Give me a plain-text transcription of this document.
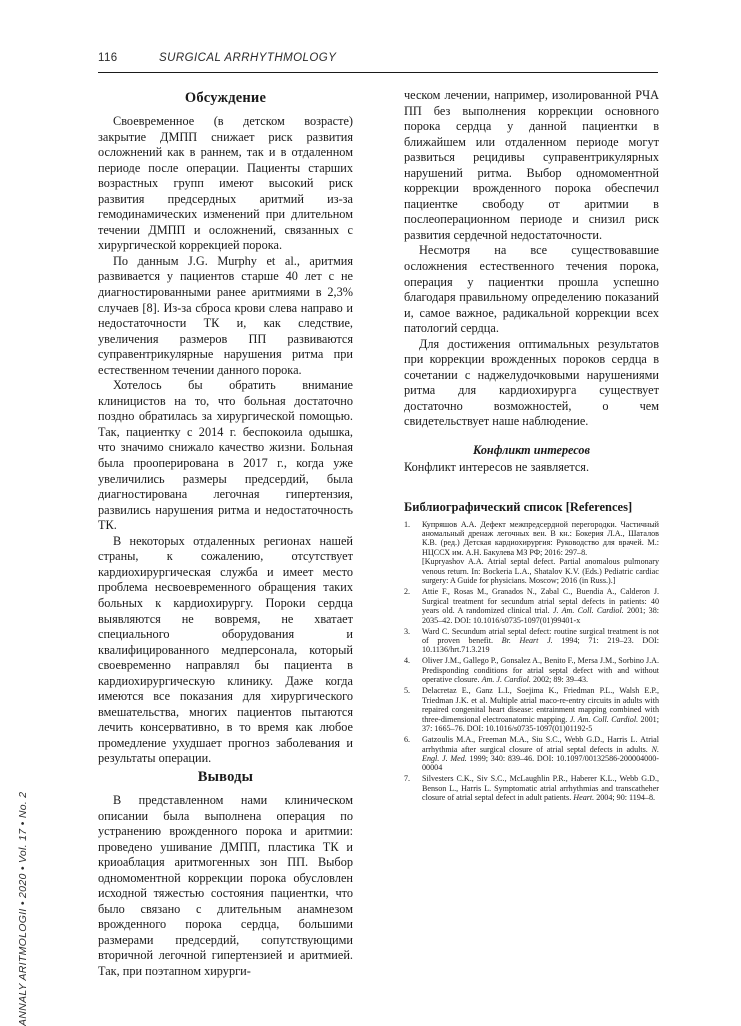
116	SURGICAL ARRHYTHMOLOGY
ANNALY ARITMOLOGII • 2020 • Vol. 17 • No. 2
Обсуждение

Своевременное (в детском возрасте) закрытие ДМПП снижает риск развития осложнений как в раннем, так и в отдаленном периоде после операции. Пациенты старших возрастных групп имеют высокий риск развития предсердных аритмий из-за гемодинамических изменений при длительном течении ДМПП и осложнений, связанных с хирургической коррекцией порока.

По данным J.G. Murphy et al., аритмия развивается у пациентов старше 40 лет с не диагностированными ранее аритмиями в 2,3% случаев [8]. Из-за сброса крови слева направо и недостаточности ТК и, как следствие, увеличения размеров ПП развиваются суправентрикулярные нарушения ритма при естественном течении данного порока.

Хотелось бы обратить внимание клиницистов на то, что больная достаточно поздно обратилась за хирургической помощью. Так, пациентку с 2014 г. беспокоила одышка, что значимо снижало качество жизни. Больная была прооперирована в 2017 г., когда уже увеличились размеры предсердий, была диагностирована легочная гипертензия, развились нарушения ритма и недостаточность ТК.

В некоторых отдаленных регионах нашей страны, к сожалению, отсутствует кардиохирургическая служба и имеет место проблема несвоевременного обращения таких больных к кардиохирургу. Пороки сердца выявляются не вовремя, не хватает специального оборудования и квалифицированного медперсонала, который своевременно направлял бы пациента в кардиохирургическую клинику. Даже когда имеются все показания для хирургического вмешательства, многих пациентов пытаются лечить консервативно, в то время как любое промедление ухудшает прогноз заболевания и результаты операции.

Выводы

В представленном нами клиническом описании была выполнена операция по устранению врожденного порока и аритмии: проведено ушивание ДМПП, пластика ТК и криоаблация аритмогенных зон ПП. Выбор одномоментной коррекции порока обусловлен исходной тяжестью состояния пациентки, что было связано с длительным анамнезом врожденного порока сердца, большими размерами предсердий, сопутствующими вторичной легочной гипертензией и аритмией. Так, при поэтапном хирурги-

ческом лечении, например, изолированной РЧА ПП без выполнения коррекции основного порока сердца у данной пациентки в ближайшем или отдаленном периоде могут развиться рецидивы суправентрикулярных нарушений ритма. Выбор одномоментной коррекции врожденного порока обеспечил пациентке свободу от аритмии в послеоперационном периоде и снизил риск развития сердечной недостаточности.

Несмотря на все существовавшие осложнения естественного течения порока, операция у пациентки прошла успешно благодаря правильному определению показаний и, самое важное, радикальной коррекции всех патологий сердца.

Для достижения оптимальных результатов при коррекции врожденных пороков сердца в сочетании с наджелудочковыми нарушениями ритма для кардиохирурга существует достаточно возможностей, о чем свидетельствует наше наблюдение.

Конфликт интересов

Конфликт интересов не заявляется.

Библиографический список [References]

Купряшов А.А. Дефект межпредсердной перегородки. Частичный аномальный дренаж легочных вен. В кн.: Бокерия Л.А., Шаталов К.В. (ред.) Детская кардиохирургия: Руководство для врачей. М.: НЦССХ им. А.Н. Бакулева МЗ РФ; 2016: 297–8.

[Kupryashov A.A. Atrial septal defect. Partial anomalous pulmonary venous return. In: Bockeria L.A., Shatalov K.V. (Eds.) Pediatric cardiac surgery: A Guide for physicians. Moscow; 2016 (in Russ.).]

Attie F., Rosas M., Granados N., Zabal C., Buendia A., Calderon J. Surgical treatment for secundum atrial septal defects in patients: 40 years old. A randomized clinical trial. J. Am. Coll. Cardiol. 2001; 38: 2035–42. DOI: 10.1016/s0735-1097(01)99401-x

Ward C. Secundum atrial septal defect: routine surgical treatment is not of proven benefit. Br. Heart J. 1994; 71: 219–23. DOI: 10.1136/hrt.71.3.219

Oliver J.M., Gallego P., Gonsalez A., Benito F., Mersa J.M., Sorbino J.A. Predisponding conditions for atrial septal defect with and without operative closure. Am. J. Cardiol. 2002; 89: 39–43.

Delacretaz E., Ganz L.I., Soejima K., Friedman P.L., Walsh E.P., Triedman J.K. et al. Multiple atrial maco-re-entry circuits in adults with repaired congenital heart disease: entrainment mapping combined with three-dimensional electroanatomic mapping. J. Am. Coll. Cardiol. 2001; 37: 1665–76. DOI: 10.1016/s0735-1097(01)01192-5

Gatzoulis M.A., Freeman M.A., Siu S.C., Webb G.D., Harris L. Atrial arrhythmia after surgical closure of atrial septal defects in adults. N. Engl. J. Med. 1999; 340: 839–46. DOI: 10.1097/00132586-200004000-00004

Silvesters C.K., Siv S.C., McLaughlin P.R., Haberer K.L., Webb G.D., Benson L., Harris L. Symptomatic atrial arrhythmias and transcatheher closure of atrial septal defect in adult patients. Heart. 2004; 90: 1194–8.
